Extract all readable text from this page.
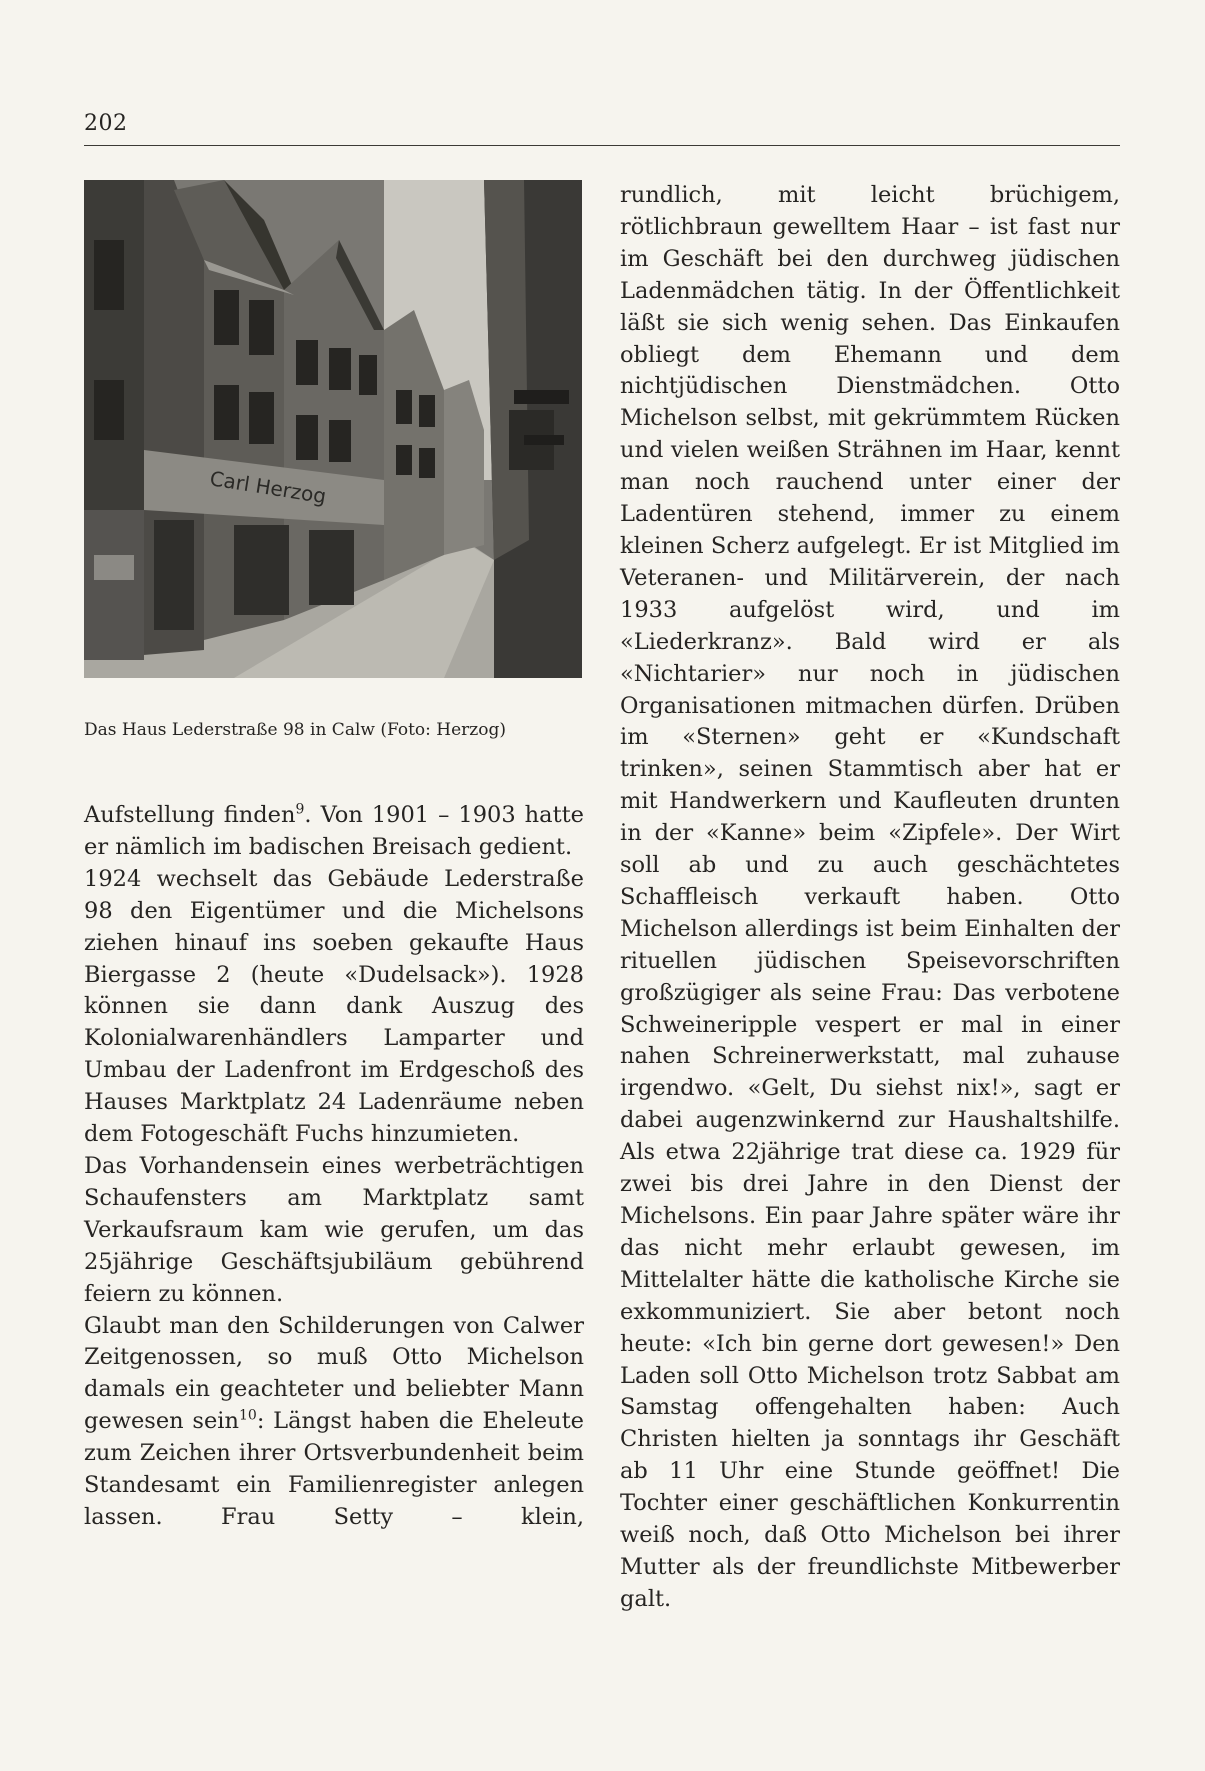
202
Carl Herzog
Das Haus Lederstraße 98 in Calw (Foto: Herzog)

Aufstellung finden$^9$. Von 1901 – 1903 hatte er nämlich im badischen Breisach gedient.

1924 wechselt das Gebäude Lederstraße 98 den Eigentümer und die Michelsons ziehen hinauf ins soeben gekaufte Haus Biergasse 2 (heute «Dudelsack»). 1928 können sie dann dank Auszug des Kolonialwarenhändlers Lamparter und Umbau der Ladenfront im Erdgeschoß des Hauses Marktplatz 24 Ladenräume neben dem Fotogeschäft Fuchs hinzumieten.

Das Vorhandensein eines werbeträchtigen Schaufensters am Marktplatz samt Verkaufsraum kam wie gerufen, um das 25jährige Geschäftsjubiläum gebührend feiern zu können.

Glaubt man den Schilderungen von Calwer Zeitgenossen, so muß Otto Michelson damals ein geachteter und beliebter Mann gewesen sein$^{10}$: Längst haben die Eheleute zum Zeichen ihrer Ortsverbundenheit beim Standesamt ein Familienregister anlegen lassen. Frau Setty – klein,

rundlich, mit leicht brüchigem, rötlichbraun gewelltem Haar – ist fast nur im Geschäft bei den durchweg jüdischen Ladenmädchen tätig. In der Öffentlichkeit läßt sie sich wenig sehen. Das Einkaufen obliegt dem Ehemann und dem nichtjüdischen Dienstmädchen. Otto Michelson selbst, mit gekrümmtem Rücken und vielen weißen Strähnen im Haar, kennt man noch rauchend unter einer der Ladentüren stehend, immer zu einem kleinen Scherz aufgelegt. Er ist Mitglied im Veteranen- und Militärverein, der nach 1933 aufgelöst wird, und im «Liederkranz». Bald wird er als «Nichtarier» nur noch in jüdischen Organisationen mitmachen dürfen. Drüben im «Sternen» geht er «Kundschaft trinken», seinen Stammtisch aber hat er mit Handwerkern und Kaufleuten drunten in der «Kanne» beim «Zipfele». Der Wirt soll ab und zu auch geschächtetes Schaffleisch verkauft haben. Otto Michelson allerdings ist beim Einhalten der rituellen jüdischen Speisevorschriften großzügiger als seine Frau: Das verbotene Schweineripple vespert er mal in einer nahen Schreinerwerkstatt, mal zuhause irgendwo. «Gelt, Du siehst nix!», sagt er dabei augenzwinkernd zur Haushaltshilfe. Als etwa 22jährige trat diese ca. 1929 für zwei bis drei Jahre in den Dienst der Michelsons. Ein paar Jahre später wäre ihr das nicht mehr erlaubt gewesen, im Mittelalter hätte die katholische Kirche sie exkommuniziert. Sie aber betont noch heute: «Ich bin gerne dort gewesen!» Den Laden soll Otto Michelson trotz Sabbat am Samstag offengehalten haben: Auch Christen hielten ja sonntags ihr Geschäft ab 11 Uhr eine Stunde geöffnet! Die Tochter einer geschäftlichen Konkurrentin weiß noch, daß Otto Michelson bei ihrer Mutter als der freundlichste Mitbewerber galt.
